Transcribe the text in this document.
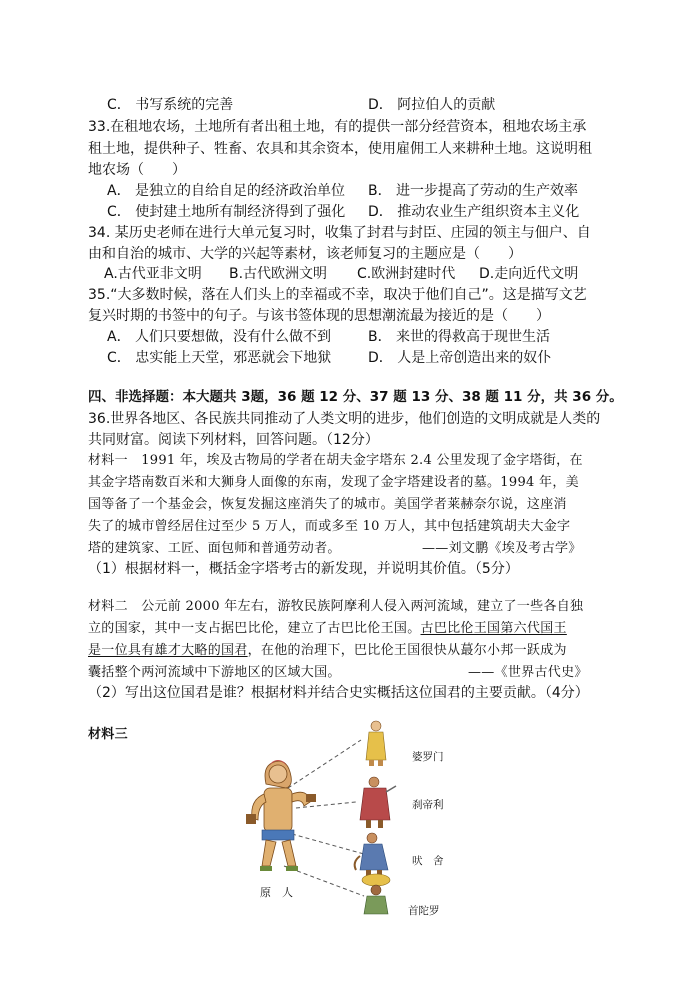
C． 书写系统的完善	D． 阿拉伯人的贡献
33.在租地农场，土地所有者出租土地，有的提供一部分经营资本，租地农场主承
租土地，提供种子、牲畜、农具和其余资本，使用雇佣工人来耕种土地。这说明租
地农场（　　）
A． 是独立的自给自足的经济政治单位 B． 进一步提高了劳动的生产效率
C． 使封建土地所有制经济得到了强化 D． 推动农业生产组织资本主义化
34. 某历史老师在进行大单元复习时，收集了封君与封臣、庄园的领主与佃户、自
由和自治的城市、大学的兴起等素材，该老师复习的主题应是（　　）
A.古代亚非文明 B.古代欧洲文明 C.欧洲封建时代 D.走向近代文明
35.“大多数时候，落在人们头上的幸福或不幸，取决于他们自己”。这是描写文艺
复兴时期的书签中的句子。与该书签体现的思想潮流最为接近的是（　　）
A． 人们只要想做，没有什么做不到	B． 来世的得救高于现世生活
C． 忠实能上天堂，邪恶就会下地狱	D． 人是上帝创造出来的奴仆
四、非选择题：本大题共 3题，36 题 12 分、37 题 13 分、38 题 11 分，共 36 分。
36.世界各地区、各民族共同推动了人类文明的进步，他们创造的文明成就是人类的
共同财富。阅读下列材料，回答问题。（12分）
材料一　1991 年，埃及古物局的学者在胡夫金字塔东 2.4 公里发现了金字塔街，在
其金字塔南数百米和大狮身人面像的东南，发现了金字塔建设者的墓。1994 年，美
国等备了一个基金会，恢复发掘这座消失了的城市。美国学者莱赫奈尔说，这座消
失了的城市曾经居住过至少 5 万人，而或多至 10 万人，其中包括建筑胡夫大金字
塔的建筑家、工匠、面包师和普通劳动者。	——刘文鹏《埃及考古学》
（1）根据材料一，概括金字塔考古的新发现，并说明其价值。（5分）
材料二　公元前 2000 年左右，游牧民族阿摩利人侵入两河流域，建立了一些各自独
立的国家，其中一支占据巴比伦，建立了古巴比伦王国。古巴比伦王国第六代国王
是一位具有雄才大略的国君，在他的治理下，巴比伦王国很快从蕞尔小邦一跃成为
囊括整个两河流域中下游地区的区域大国。	——《世界古代史》
（2）写出这位国君是谁？根据材料并结合史实概括这位国君的主要贡献。（4分）
材料三
原　人
婆罗门
刹帝利
吠　舍
首陀罗
